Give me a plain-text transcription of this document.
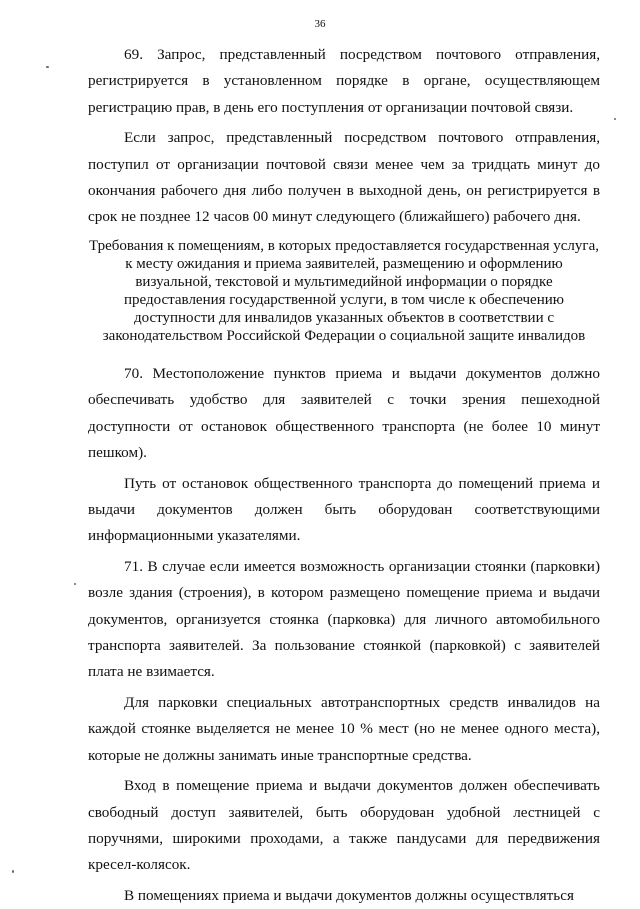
36

69. Запрос, представленный посредством почтового отправления, регистрируется в установленном порядке в органе, осуществляющем регистрацию прав, в день его поступления от организации почтовой связи.

Если запрос, представленный посредством почтового отправления, поступил от организации почтовой связи менее чем за тридцать минут до окончания рабочего дня либо получен в выходной день, он регистрируется в срок не позднее 12 часов 00 минут следующего (ближайшего) рабочего дня.

Требования к помещениям, в которых предоставляется государственная услуга,
к месту ожидания и приема заявителей, размещению и оформлению
визуальной, текстовой и мультимедийной информации о порядке
предоставления государственной услуги, в том числе к обеспечению
доступности для инвалидов указанных объектов в соответствии с
законодательством Российской Федерации о социальной защите инвалидов

70. Местоположение пунктов приема и выдачи документов должно обеспечивать удобство для заявителей с точки зрения пешеходной доступности от остановок общественного транспорта (не более 10 минут пешком).

Путь от остановок общественного транспорта до помещений приема и выдачи документов должен быть оборудован соответствующими информационными указателями.

71. В случае если имеется возможность организации стоянки (парковки) возле здания (строения), в котором размещено помещение приема и выдачи документов, организуется стоянка (парковка) для личного автомобильного транспорта заявителей. За пользование стоянкой (парковкой) с заявителей плата не взимается.

Для парковки специальных автотранспортных средств инвалидов на каждой стоянке выделяется не менее 10 % мест (но не менее одного места), которые не должны занимать иные транспортные средства.

Вход в помещение приема и выдачи документов должен обеспечивать свободный доступ заявителей, быть оборудован удобной лестницей с поручнями, широкими проходами, а также пандусами для передвижения кресел-колясок.

В помещениях приема и выдачи документов должны осуществляться
